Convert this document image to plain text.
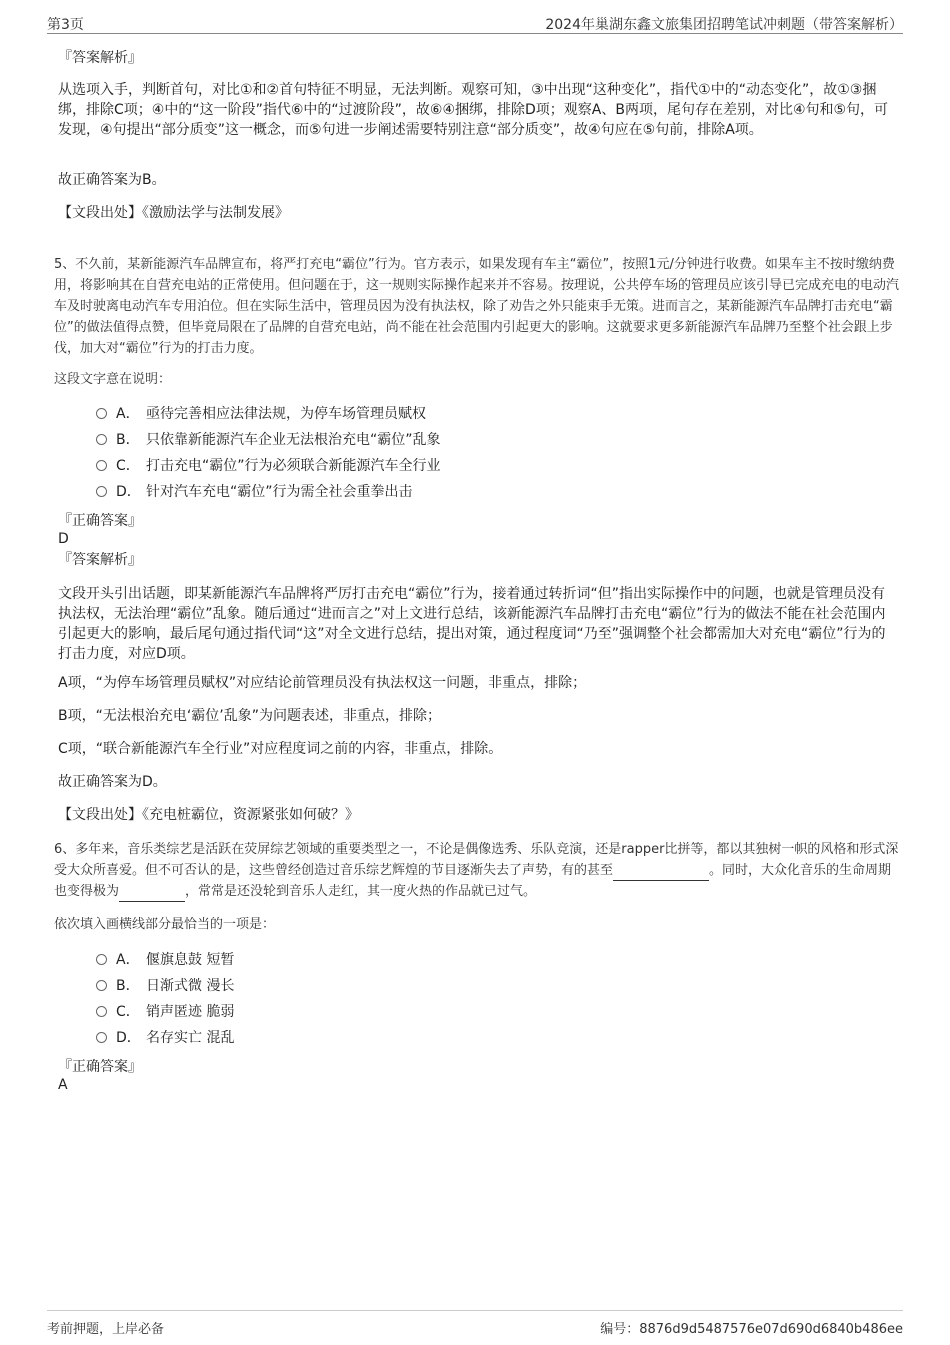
第3页	2024年巢湖东鑫文旅集团招聘笔试冲刺题（带答案解析）
『答案解析』
从选项入手，判断首句，对比①和②首句特征不明显，无法判断。观察可知，③中出现“这种变化”，指代①中的“动态变化”，故①③捆绑，排除C项；④中的“这一阶段”指代⑥中的“过渡阶段”，故⑥④捆绑，排除D项；观察A、B两项，尾句存在差别，对比④句和⑤句，可发现，④句提出“部分质变”这一概念，而⑤句进一步阐述需要特别注意“部分质变”，故④句应在⑤句前，排除A项。
故正确答案为B。
【文段出处】《激励法学与法制发展》
5、不久前，某新能源汽车品牌宣布，将严打充电“霸位”行为。官方表示，如果发现有车主“霸位”，按照1元/分钟进行收费。如果车主不按时缴纳费用，将影响其在自营充电站的正常使用。但问题在于，这一规则实际操作起来并不容易。按理说，公共停车场的管理员应该引导已完成充电的电动汽车及时驶离电动汽车专用泊位。但在实际生活中，管理员因为没有执法权，除了劝告之外只能束手无策。进而言之，某新能源汽车品牌打击充电“霸位”的做法值得点赞，但毕竟局限在了品牌的自营充电站，尚不能在社会范围内引起更大的影响。这就要求更多新能源汽车品牌乃至整个社会跟上步伐，加大对“霸位”行为的打击力度。
这段文字意在说明：
A． 亟待完善相应法律法规，为停车场管理员赋权
B． 只依靠新能源汽车企业无法根治充电“霸位”乱象
C． 打击充电“霸位”行为必须联合新能源汽车全行业
D． 针对汽车充电“霸位”行为需全社会重拳出击
『正确答案』
D
『答案解析』
文段开头引出话题，即某新能源汽车品牌将严厉打击充电“霸位”行为，接着通过转折词“但”指出实际操作中的问题，也就是管理员没有执法权，无法治理“霸位”乱象。随后通过“进而言之”对上文进行总结，该新能源汽车品牌打击充电“霸位”行为的做法不能在社会范围内引起更大的影响，最后尾句通过指代词“这”对全文进行总结，提出对策，通过程度词“乃至”强调整个社会都需加大对充电“霸位”行为的打击力度，对应D项。
A项，“为停车场管理员赋权”对应结论前管理员没有执法权这一问题，非重点，排除；
B项，“无法根治充电‘霸位’乱象”为问题表述，非重点，排除；
C项，“联合新能源汽车全行业”对应程度词之前的内容，非重点，排除。
故正确答案为D。
【文段出处】《充电桩霸位，资源紧张如何破？》
6、多年来，音乐类综艺是活跃在荧屏综艺领域的重要类型之一，不论是偶像选秀、乐队竞演，还是rapper比拼等，都以其独树一帜的风格和形式深受大众所喜爱。但不可否认的是，这些曾经创造过音乐综艺辉煌的节目逐渐失去了声势，有的甚至	。同时，大众化音乐的生命周期也变得极为	，常常是还没轮到音乐人走红，其一度火热的作品就已过气。
依次填入画横线部分最恰当的一项是：
A． 偃旗息鼓 短暂
B． 日渐式微 漫长
C． 销声匿迹 脆弱
D． 名存实亡 混乱
『正确答案』
A
考前押题，上岸必备	编号：8876d9d5487576e07d690d6840b486ee
